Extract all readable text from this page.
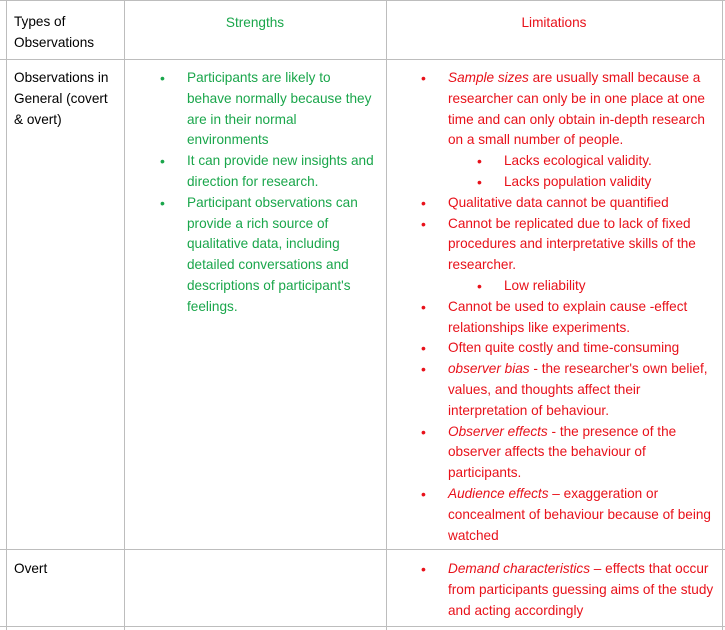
Types of Observations
Strengths	Limitations
Observations in General (covert & overt)
• Participants are likely to behave normally because they are in their normal environments
• It can provide new insights and direction for research.
• Participant observations can provide a rich source of qualitative data, including detailed conversations and descriptions of participant's feelings.
• Sample sizes are usually small because a researcher can only be in one place at one time and can only obtain in-depth research on a small number of people.
• Lacks ecological validity.
• Lacks population validity
• Qualitative data cannot be quantified
• Cannot be replicated due to lack of fixed procedures and interpretative skills of the researcher.
• Low reliability
• Cannot be used to explain cause -effect relationships like experiments.
• Often quite costly and time-consuming
• observer bias - the researcher's own belief, values, and thoughts affect their interpretation of behaviour.
• Observer effects - the presence of the observer affects the behaviour of participants.
• Audience effects – exaggeration or concealment of behaviour because of being watched
Overt
•	Demand characteristics – effects that occur from participants guessing aims of the study and acting accordingly
